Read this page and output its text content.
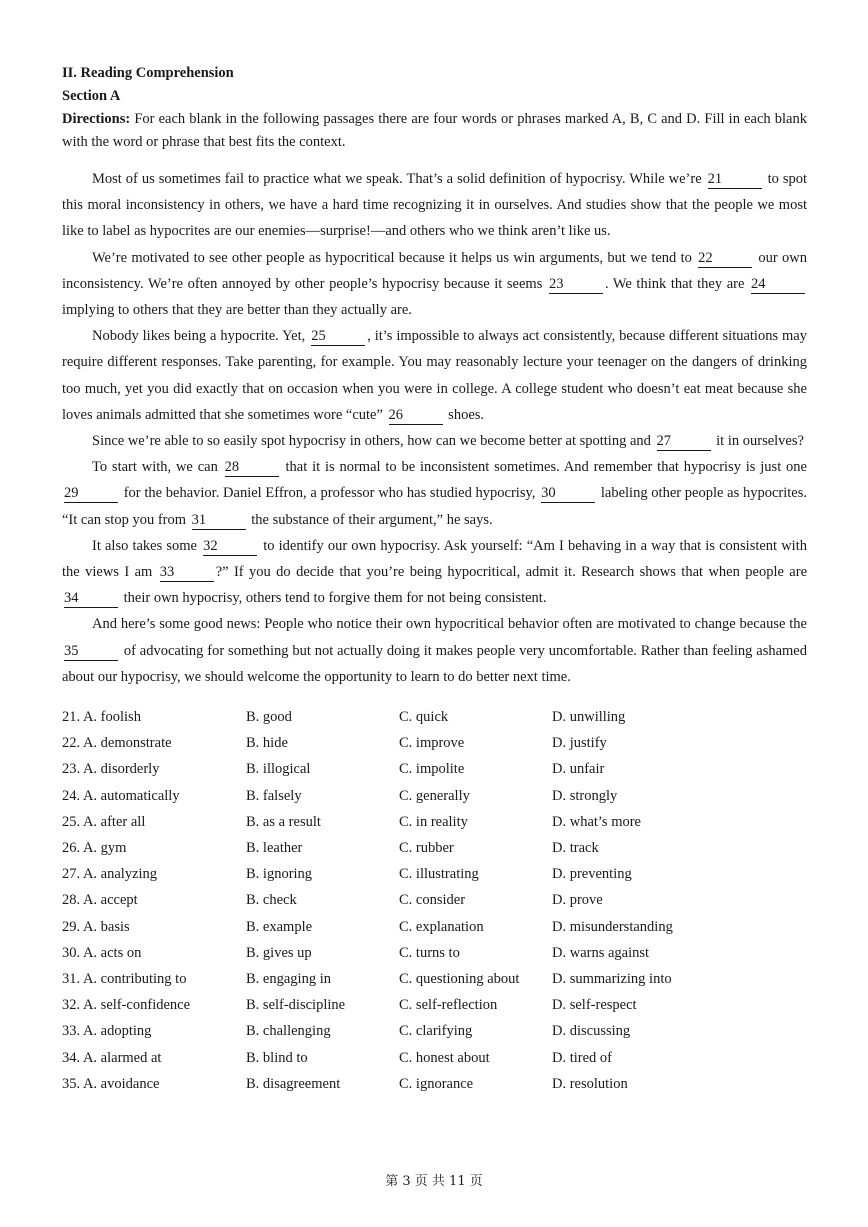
II. Reading Comprehension

Section A

Directions: For each blank in the following passages there are four words or phrases marked A, B, C and D. Fill in each blank with the word or phrase that best fits the context.

Most of us sometimes fail to practice what we speak. That’s a solid definition of hypocrisy. While we’re 21	to spot this moral inconsistency in others, we have a hard time recognizing it in ourselves. And studies show that the people we most like to label as hypocrites are our enemies—surprise!—and others who we think aren’t like us.

We’re motivated to see other people as hypocritical because it helps us win arguments, but we tend to 22	our own inconsistency. We’re often annoyed by other people’s hypocrisy because it seems 23	. We think that they are 24 implying to others that they are better than they actually are.

Nobody likes being a hypocrite. Yet, 25	, it’s impossible to always act consistently, because different situations may require different responses. Take parenting, for example. You may reasonably lecture your teenager on the dangers of drinking too much, yet you did exactly that on occasion when you were in college. A college student who doesn’t eat meat because she loves animals admitted that she sometimes wore “cute” 26	shoes.

Since we’re able to so easily spot hypocrisy in others, how can we become better at spotting and 27	it in ourselves?

To start with, we can 28	that it is normal to be inconsistent sometimes. And remember that hypocrisy is just one 29	for the behavior. Daniel Effron, a professor who has studied hypocrisy, 30	labeling other people as hypocrites. “It can stop you from 31	the substance of their argument,” he says.

It also takes some 32	to identify our own hypocrisy. Ask yourself: “Am I behaving in a way that is consistent with the views I am 33	?” If you do decide that you’re being hypocritical, admit it. Research shows that when people are 34	their own hypocrisy, others tend to forgive them for not being consistent.

And here’s some good news: People who notice their own hypocritical behavior often are motivated to change because the 35	of advocating for something but not actually doing it makes people very uncomfortable. Rather than feeling ashamed about our hypocrisy, we should welcome the opportunity to learn to do better next time.

21. A. foolish	B. good	C. quick	D. unwilling
22. A. demonstrate	B. hide	C. improve	D. justify
23. A. disorderly	B. illogical	C. impolite	D. unfair
24. A. automatically	B. falsely	C. generally	D. strongly
25. A. after all	B. as a result	C. in reality	D. what’s more
26. A. gym	B. leather	C. rubber	D. track
27. A. analyzing	B. ignoring	C. illustrating	D. preventing
28. A. accept	B. check	C. consider	D. prove
29. A. basis	B. example	C. explanation	D. misunderstanding
30. A. acts on	B. gives up	C. turns to	D. warns against
31. A. contributing to	B. engaging in	C. questioning about D. summarizing into
32. A. self-confidence	B. self-discipline	C. self-reflection	D. self-respect
33. A. adopting	B. challenging	C. clarifying	D. discussing
34. A. alarmed at	B. blind to	C. honest about	D. tired of
35. A. avoidance	B. disagreement	C. ignorance	D. resolution
第 3 页 共 11 页
